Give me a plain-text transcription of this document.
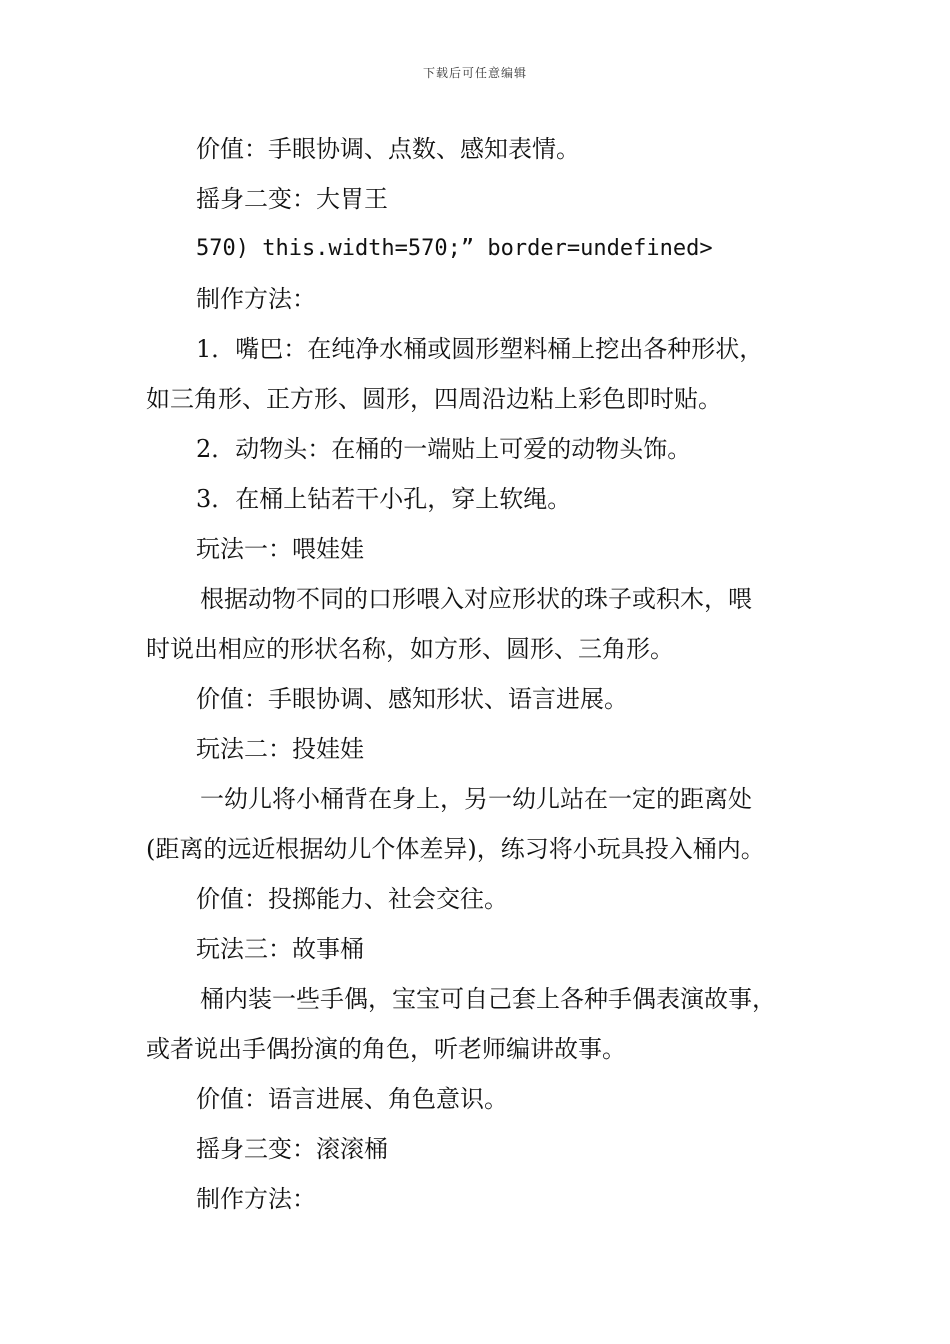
下载后可任意编辑
价值：手眼协调、点数、感知表情。
摇身二变：大胃王
570) this.width=570;” border=undefined>
制作方法：
1．嘴巴：在纯净水桶或圆形塑料桶上挖出各种形状，
如三角形、正方形、圆形，四周沿边粘上彩色即时贴。
2．动物头：在桶的一端贴上可爱的动物头饰。
3．在桶上钻若干小孔，穿上软绳。
玩法一：喂娃娃
根据动物不同的口形喂入对应形状的珠子或积木，喂
时说出相应的形状名称，如方形、圆形、三角形。
价值：手眼协调、感知形状、语言进展。
玩法二：投娃娃
一幼儿将小桶背在身上，另一幼儿站在一定的距离处
(距离的远近根据幼儿个体差异)，练习将小玩具投入桶内。
价值：投掷能力、社会交往。
玩法三：故事桶
桶内装一些手偶，宝宝可自己套上各种手偶表演故事，
或者说出手偶扮演的角色，听老师编讲故事。
价值：语言进展、角色意识。
摇身三变：滚滚桶
制作方法：
